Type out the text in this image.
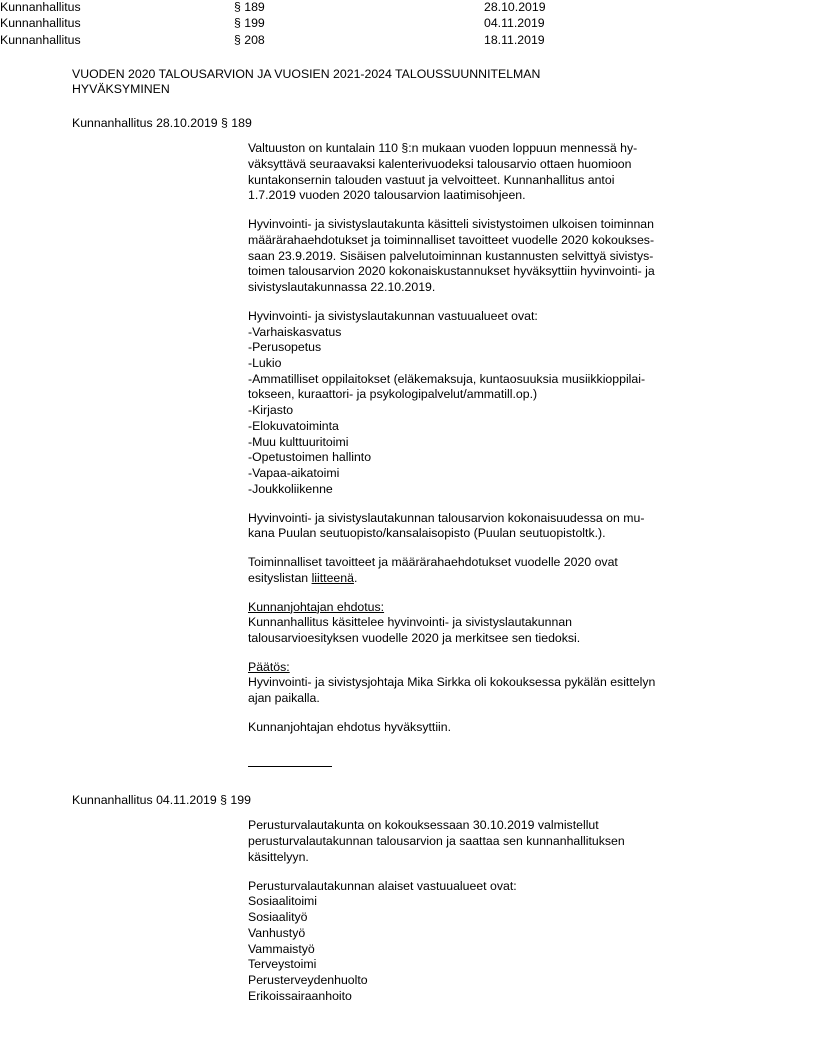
Kunnanhallitus	§ 189	28.10.2019
Kunnanhallitus	§ 199	04.11.2019
Kunnanhallitus	§ 208	18.11.2019
VUODEN 2020 TALOUSARVION JA VUOSIEN 2021-2024 TALOUSSUUNNITELMAN
HYVÄKSYMINEN
Kunnanhallitus 28.10.2019 § 189

Valtuuston on kuntalain 110 §:n mukaan vuoden loppuun mennessä hy-
väksyttävä seuraavaksi kalenterivuodeksi talousarvio ottaen huomioon
kuntakonsernin talouden vastuut ja velvoitteet. Kunnanhallitus antoi
1.7.2019 vuoden 2020 talousarvion laatimisohjeen.

Hyvinvointi- ja sivistyslautakunta käsitteli sivistystoimen ulkoisen toiminnan
määrärahaehdotukset ja toiminnalliset tavoitteet vuodelle 2020 kokoukses-
saan 23.9.2019. Sisäisen palvelutoiminnan kustannusten selvittyä sivistys-
toimen talousarvion 2020 kokonaiskustannukset hyväksyttiin hyvinvointi- ja
sivistyslautakunnassa 22.10.2019.

Hyvinvointi- ja sivistyslautakunnan vastuualueet ovat:
-Varhaiskasvatus
-Perusopetus
-Lukio
-Ammatilliset oppilaitokset (eläkemaksuja, kuntaosuuksia musiikkioppilai-
tokseen, kuraattori- ja psykologipalvelut/ammatill.op.)
-Kirjasto
-Elokuvatoiminta
-Muu kulttuuritoimi
-Opetustoimen hallinto
-Vapaa-aikatoimi
-Joukkoliikenne

Hyvinvointi- ja sivistyslautakunnan talousarvion kokonaisuudessa on mu-
kana Puulan seutuopisto/kansalaisopisto (Puulan seutuopistoltk.).

Toiminnalliset tavoitteet ja määrärahaehdotukset vuodelle 2020 ovat
esityslistan liitteenä.

Kunnanjohtajan ehdotus:
Kunnanhallitus käsittelee hyvinvointi- ja sivistyslautakunnan
talousarvioesityksen vuodelle 2020 ja merkitsee sen tiedoksi.

Päätös:
Hyvinvointi- ja sivistysjohtaja Mika Sirkka oli kokouksessa pykälän esittelyn
ajan paikalla.

Kunnanjohtajan ehdotus hyväksyttiin.

Kunnanhallitus 04.11.2019 § 199

Perusturvalautakunta on kokouksessaan 30.10.2019 valmistellut
perusturvalautakunnan talousarvion ja saattaa sen kunnanhallituksen
käsittelyyn.

Perusturvalautakunnan alaiset vastuualueet ovat:
Sosiaalitoimi
Sosiaalityö
Vanhustyö
Vammaistyö
Terveystoimi
Perusterveydenhuolto
Erikoissairaanhoito
